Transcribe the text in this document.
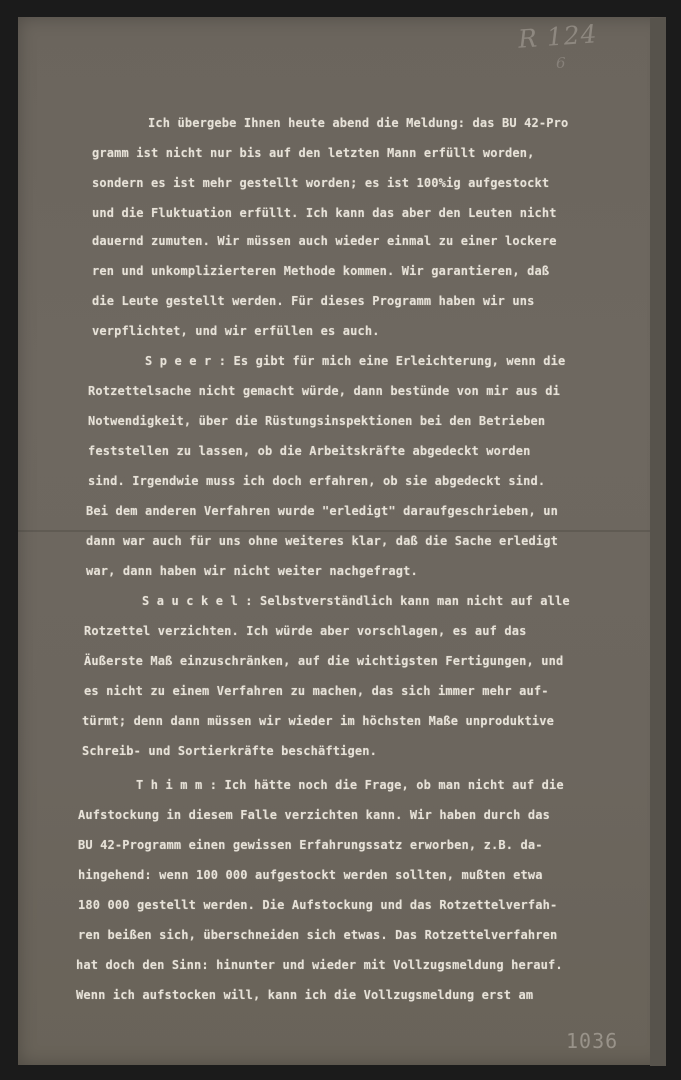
R 124
6
Ich übergebe Ihnen heute abend die Meldung: das BU 42-Pro
gramm ist nicht nur bis auf den letzten Mann erfüllt worden,
sondern es ist mehr gestellt worden; es ist 100%ig aufgestockt
und die Fluktuation erfüllt. Ich kann das aber den Leuten nicht
dauernd zumuten. Wir müssen auch wieder einmal zu einer lockere
ren und unkomplizierteren Methode kommen. Wir garantieren, daß
die Leute gestellt werden. Für dieses Programm haben wir uns
verpflichtet, und wir erfüllen es auch.
S p e e r : Es gibt für mich eine Erleichterung, wenn die
Rotzettelsache nicht gemacht würde, dann bestünde von mir aus di
Notwendigkeit, über die Rüstungsinspektionen bei den Betrieben
feststellen zu lassen, ob die Arbeitskräfte abgedeckt worden
sind. Irgendwie muss ich doch erfahren, ob sie abgedeckt sind.
Bei dem anderen Verfahren wurde "erledigt" daraufgeschrieben, un
dann war auch für uns ohne weiteres klar, daß die Sache erledigt
war, dann haben wir nicht weiter nachgefragt.
S a u c k e l : Selbstverständlich kann man nicht auf alle
Rotzettel verzichten. Ich würde aber vorschlagen, es auf das
Äußerste Maß einzuschränken, auf die wichtigsten Fertigungen, und
es nicht zu einem Verfahren zu machen, das sich immer mehr auf-
türmt; denn dann müssen wir wieder im höchsten Maße unproduktive
Schreib- und Sortierkräfte beschäftigen.
T h i m m : Ich hätte noch die Frage, ob man nicht auf die
Aufstockung in diesem Falle verzichten kann. Wir haben durch das
BU 42-Programm einen gewissen Erfahrungssatz erworben, z.B. da-
hingehend: wenn 100 000 aufgestockt werden sollten, mußten etwa
180 000 gestellt werden. Die Aufstockung und das Rotzettelverfah-
ren beißen sich, überschneiden sich etwas. Das Rotzettelverfahren
hat doch den Sinn: hinunter und wieder mit Vollzugsmeldung herauf.
Wenn ich aufstocken will, kann ich die Vollzugsmeldung erst am
1036
